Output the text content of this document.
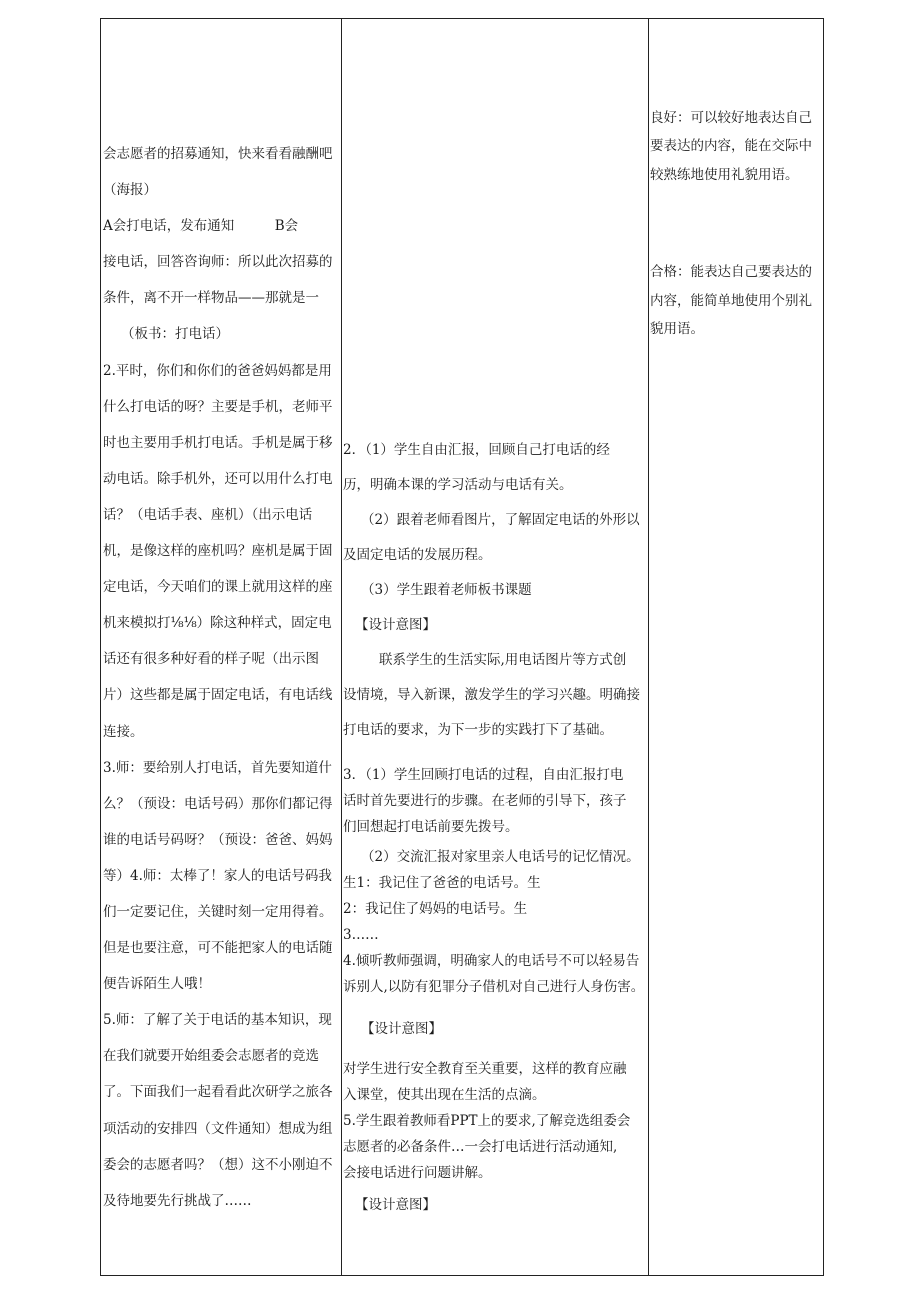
会志愿者的招募通知，快来看看融酬吧

（海报）

A会打电话，发布通知　　　B会

接电话，回答咨询师：所以此次招募的

条件，离不开一样物品——那就是一

（板书：打电话）

2.平时，你们和你们的爸爸妈妈都是用

什么打电话的呀？主要是手机，老师平

时也主要用手机打电话。手机是属于移

动电话。除手机外，还可以用什么打电

话？（电话手表、座机）（出示电话

机，是像这样的座机吗？座机是属于固

定电话，今天咱们的课上就用这样的座

机来模拟打⅛⅛）除这种样式，固定电

话还有很多种好看的样子呢（出示图

片）这些都是属于固定电话，有电话线

连接。

3.师：要给别人打电话，首先要知道什

么？（预设：电话号码）那你们都记得

谁的电话号码呀？（预设：爸爸、妈妈

等）4.师：太棒了！家人的电话号码我

们一定要记住，关键时刻一定用得着。

但是也要注意，可不能把家人的电话随

便告诉陌生人哦！

5.师：了解了关于电话的基本知识，现

在我们就要开始组委会志愿者的竞选

了。下面我们一起看看此次研学之旅各

项活动的安排四（文件通知）想成为组

委会的志愿者吗？（想）这不小刚迫不

及待地要先行挑战了……

2．（1）学生自由汇报，回顾自己打电话的经

历，明确本课的学习活动与电话有关。

（2）跟着老师看图片，了解固定电话的外形以

及固定电话的发展历程。

（3）学生跟着老师板书课题

【设计意图】

联系学生的生活实际,用电话图片等方式创

设情境，导入新课，激发学生的学习兴趣。明确接

打电话的要求，为下一步的实践打下了基础。

3．（1）学生回顾打电话的过程，自由汇报打电

话时首先要进行的步骤。在老师的引导下，孩子

们回想起打电话前要先拨号。

（2）交流汇报对家里亲人电话号的记忆情况。

生1：我记住了爸爸的电话号。生

2：我记住了妈妈的电话号。生

3……

4.倾听教师强调，明确家人的电话号不可以轻易告

诉别人,以防有犯罪分子借机对自己进行人身伤害。

【设计意图】

对学生进行安全教育至关重要，这样的教育应融

入课堂，使其出现在生活的点滴。

5.学生跟着教师看PPT上的要求,了解竞选组委会

志愿者的必备条件…一会打电话进行活动通知,

会接电话进行问题讲解。

【设计意图】

良好：可以较好地表达自己

要表达的内容，能在交际中

较熟练地使用礼貌用语。

合格：能表达自己要表达的

内容，能简单地使用个别礼

貌用语。
